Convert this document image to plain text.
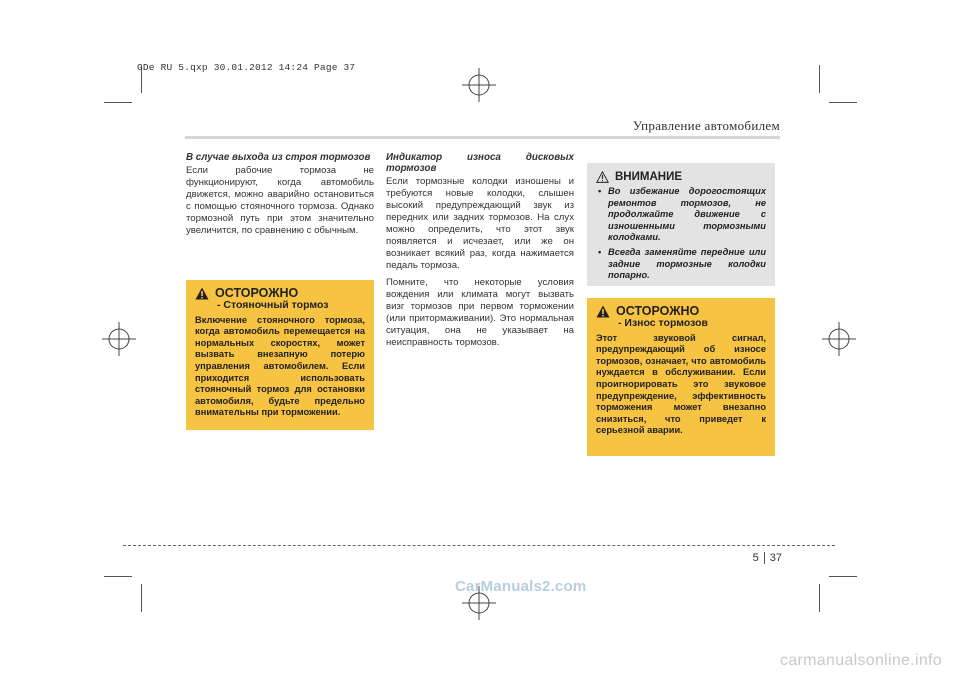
GDe RU 5.qxp 30.01.2012 14:24 Page 37
Управление автомобилем
В случае выхода из строя тормозов

Если рабочие тормоза не функционируют, когда автомобиль движется, можно аварийно остановиться с помощью стояночного тормоза. Однако тормозной путь при этом значительно увеличится, по сравнению с обычным.

ОСТОРОЖНО
- Стояночный тормоз
Включение стояночного тормоза, когда автомобиль перемещается на нормальных скоростях, может вызвать внезапную потерю управления автомобилем. Если приходится использовать стояночный тормоз для остановки автомобиля, будьте предельно внимательны при торможении.
Индикатор износа дисковых тормозов

Если тормозные колодки изношены и требуются новые колодки, слышен высокий предупреждающий звук из передних или задних тормозов. На слух можно определить, что этот звук появляется и исчезает, или же он возникает всякий раз, когда нажимается педаль тормоза.

Помните, что некоторые условия вождения или климата могут вызвать визг тормозов при первом торможении (или притормаживании). Это нормальная ситуация, она не указывает на неисправность тормозов.

ВНИМАНИЕ
• Во избежание дорогостоящих ремонтов тормозов, не продолжайте движение с изношенными тормозными колодками.
• Всегда заменяйте передние или задние тормозные колодки попарно.
ОСТОРОЖНО
- Износ тормозов
Этот звуковой сигнал, предупреждающий об износе тормозов, означает, что автомобиль нуждается в обслуживании. Если проигнорировать это звуковое предупреждение, эффективность торможения может внезапно снизиться, что приведет к серьезной аварии.
5 37
CarManuals2.com
carmanualsonline.info
